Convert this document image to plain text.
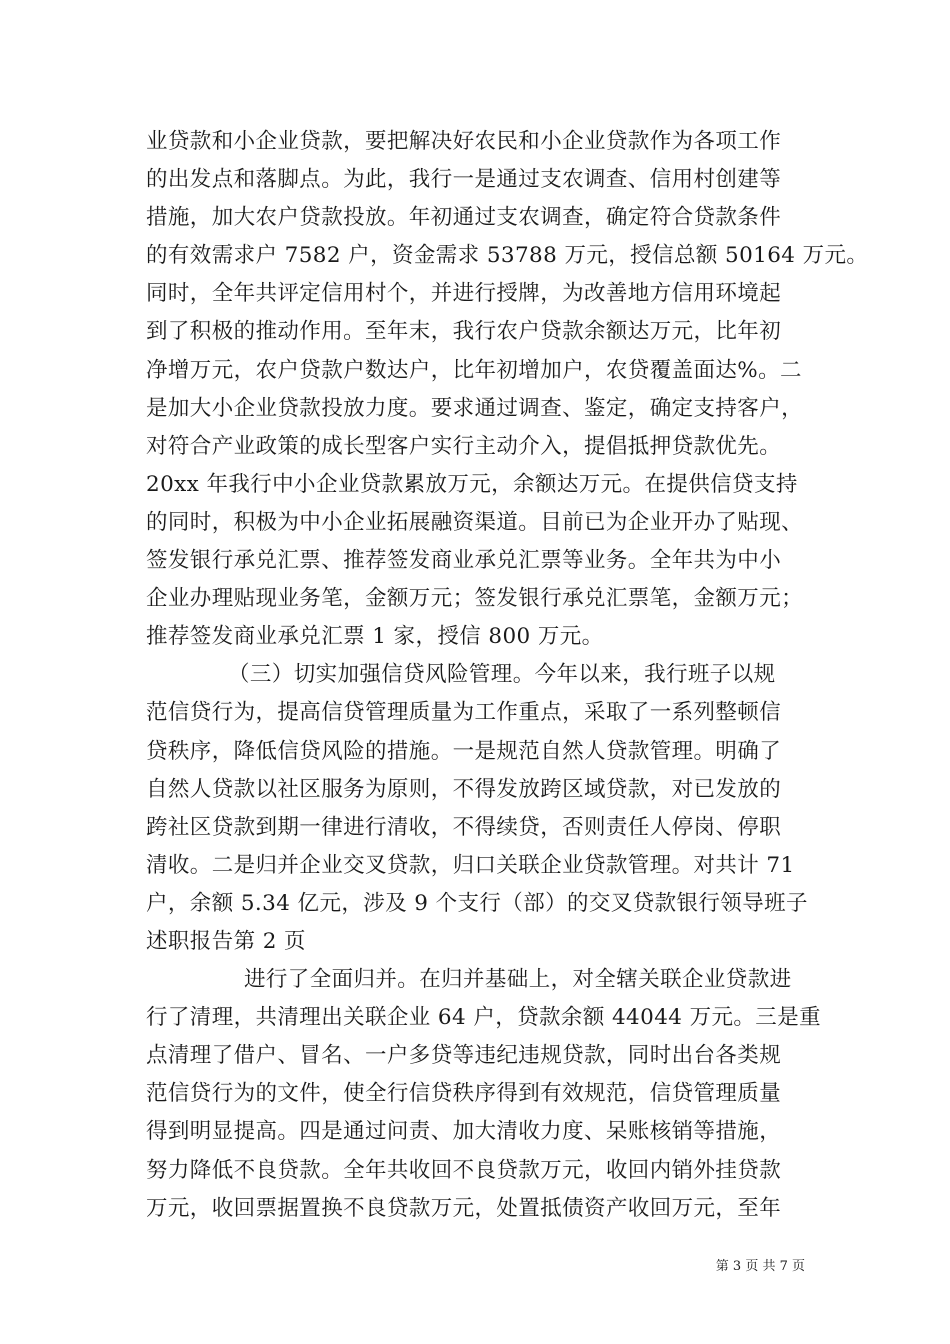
业贷款和小企业贷款，要把解决好农民和小企业贷款作为各项工作
的出发点和落脚点。为此，我行一是通过支农调查、信用村创建等
措施，加大农户贷款投放。年初通过支农调查，确定符合贷款条件
的有效需求户 7582 户，资金需求 53788 万元，授信总额 50164 万元。
同时，全年共评定信用村个，并进行授牌，为改善地方信用环境起
到了积极的推动作用。至年末，我行农户贷款余额达万元，比年初
净增万元，农户贷款户数达户，比年初增加户，农贷覆盖面达%。二
是加大小企业贷款投放力度。要求通过调查、鉴定，确定支持客户，
对符合产业政策的成长型客户实行主动介入，提倡抵押贷款优先。
20xx 年我行中小企业贷款累放万元，余额达万元。在提供信贷支持
的同时，积极为中小企业拓展融资渠道。目前已为企业开办了贴现、
签发银行承兑汇票、推荐签发商业承兑汇票等业务。全年共为中小
企业办理贴现业务笔，金额万元；签发银行承兑汇票笔，金额万元；
推荐签发商业承兑汇票 1 家，授信 800 万元。
（三）切实加强信贷风险管理。今年以来，我行班子以规
范信贷行为，提高信贷管理质量为工作重点，采取了一系列整顿信
贷秩序，降低信贷风险的措施。一是规范自然人贷款管理。明确了
自然人贷款以社区服务为原则，不得发放跨区域贷款，对已发放的
跨社区贷款到期一律进行清收，不得续贷，否则责任人停岗、停职
清收。二是归并企业交叉贷款，归口关联企业贷款管理。对共计 71
户，余额 5.34 亿元，涉及 9 个支行（部）的交叉贷款银行领导班子
述职报告第 2 页
进行了全面归并。在归并基础上，对全辖关联企业贷款进
行了清理，共清理出关联企业 64 户，贷款余额 44044 万元。三是重
点清理了借户、冒名、一户多贷等违纪违规贷款，同时出台各类规
范信贷行为的文件，使全行信贷秩序得到有效规范，信贷管理质量
得到明显提高。四是通过问责、加大清收力度、呆账核销等措施，
努力降低不良贷款。全年共收回不良贷款万元，收回内销外挂贷款
万元，收回票据置换不良贷款万元，处置抵债资产收回万元，至年
第 3 页 共 7 页
